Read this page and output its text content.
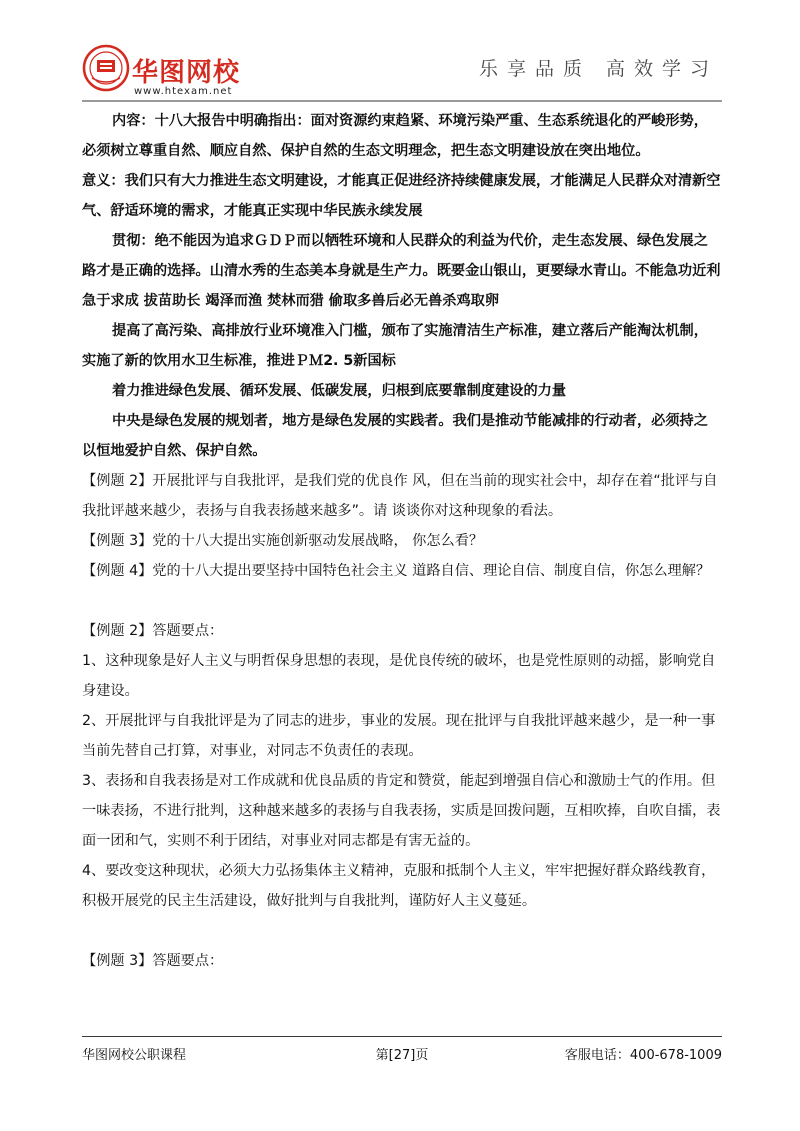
华图网校
www.htexam.net
乐享品质 高效学习

内容：十八大报告中明确指出：面对资源约束趋紧、环境污染严重、生态系统退化的严峻形势，必须树立尊重自然、顺应自然、保护自然的生态文明理念，把生态文明建设放在突出地位。

意义：我们只有大力推进生态文明建设，才能真正促进经济持续健康发展，才能满足人民群众对清新空气、舒适环境的需求，才能真正实现中华民族永续发展

贯彻：绝不能因为追求ＧＤＰ而以牺牲环境和人民群众的利益为代价，走生态发展、绿色发展之路才是正确的选择。山清水秀的生态美本身就是生产力。既要金山银山，更要绿水青山。不能急功近利 急于求成 拔苗助长 竭泽而渔 焚林而猎 偷取多兽后必无兽杀鸡取卵

提高了高污染、高排放行业环境准入门槛，颁布了实施清洁生产标准，建立落后产能淘汰机制，实施了新的饮用水卫生标准，推进ＰＭ2. 5新国标

着力推进绿色发展、循环发展、低碳发展，归根到底要靠制度建设的力量

中央是绿色发展的规划者，地方是绿色发展的实践者。我们是推动节能减排的行动者，必须持之以恒地爱护自然、保护自然。

【例题 2】开展批评与自我批评，是我们党的优良作 风，但在当前的现实社会中，却存在着“批评与自 我批评越来越少，表扬与自我表扬越来越多”。请 谈谈你对这种现象的看法。

【例题 3】党的十八大提出实施创新驱动发展战略， 你怎么看？

【例题 4】党的十八大提出要坚持中国特色社会主义 道路自信、理论自信、制度自信，你怎么理解？

【例题 2】答题要点：

1、这种现象是好人主义与明哲保身思想的表现，是优良传统的破坏，也是党性原则的动摇，影响党自身建设。

2、开展批评与自我批评是为了同志的进步，事业的发展。现在批评与自我批评越来越少，是一种一事当前先替自己打算，对事业，对同志不负责任的表现。

3、表扬和自我表扬是对工作成就和优良品质的肯定和赞赏，能起到增强自信心和激励士气的作用。但一味表扬，不进行批判，这种越来越多的表扬与自我表扬，实质是回拨问题，互相吹捧，自吹自擂，表面一团和气，实则不利于团结，对事业对同志都是有害无益的。

4、要改变这种现状，必须大力弘扬集体主义精神，克服和抵制个人主义，牢牢把握好群众路线教育，积极开展党的民主生活建设，做好批判与自我批判，谨防好人主义蔓延。

【例题 3】答题要点：

华图网校公职课程	第[27]页	客服电话：400-678-1009
